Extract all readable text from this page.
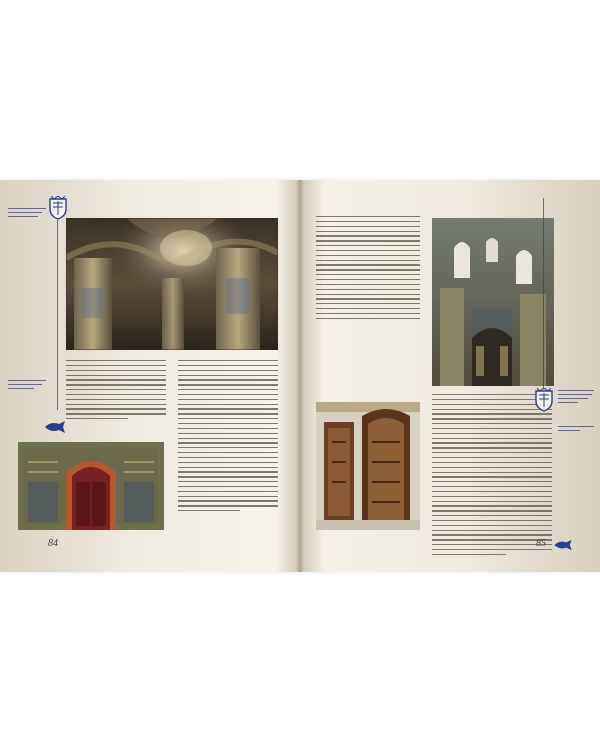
84	85
